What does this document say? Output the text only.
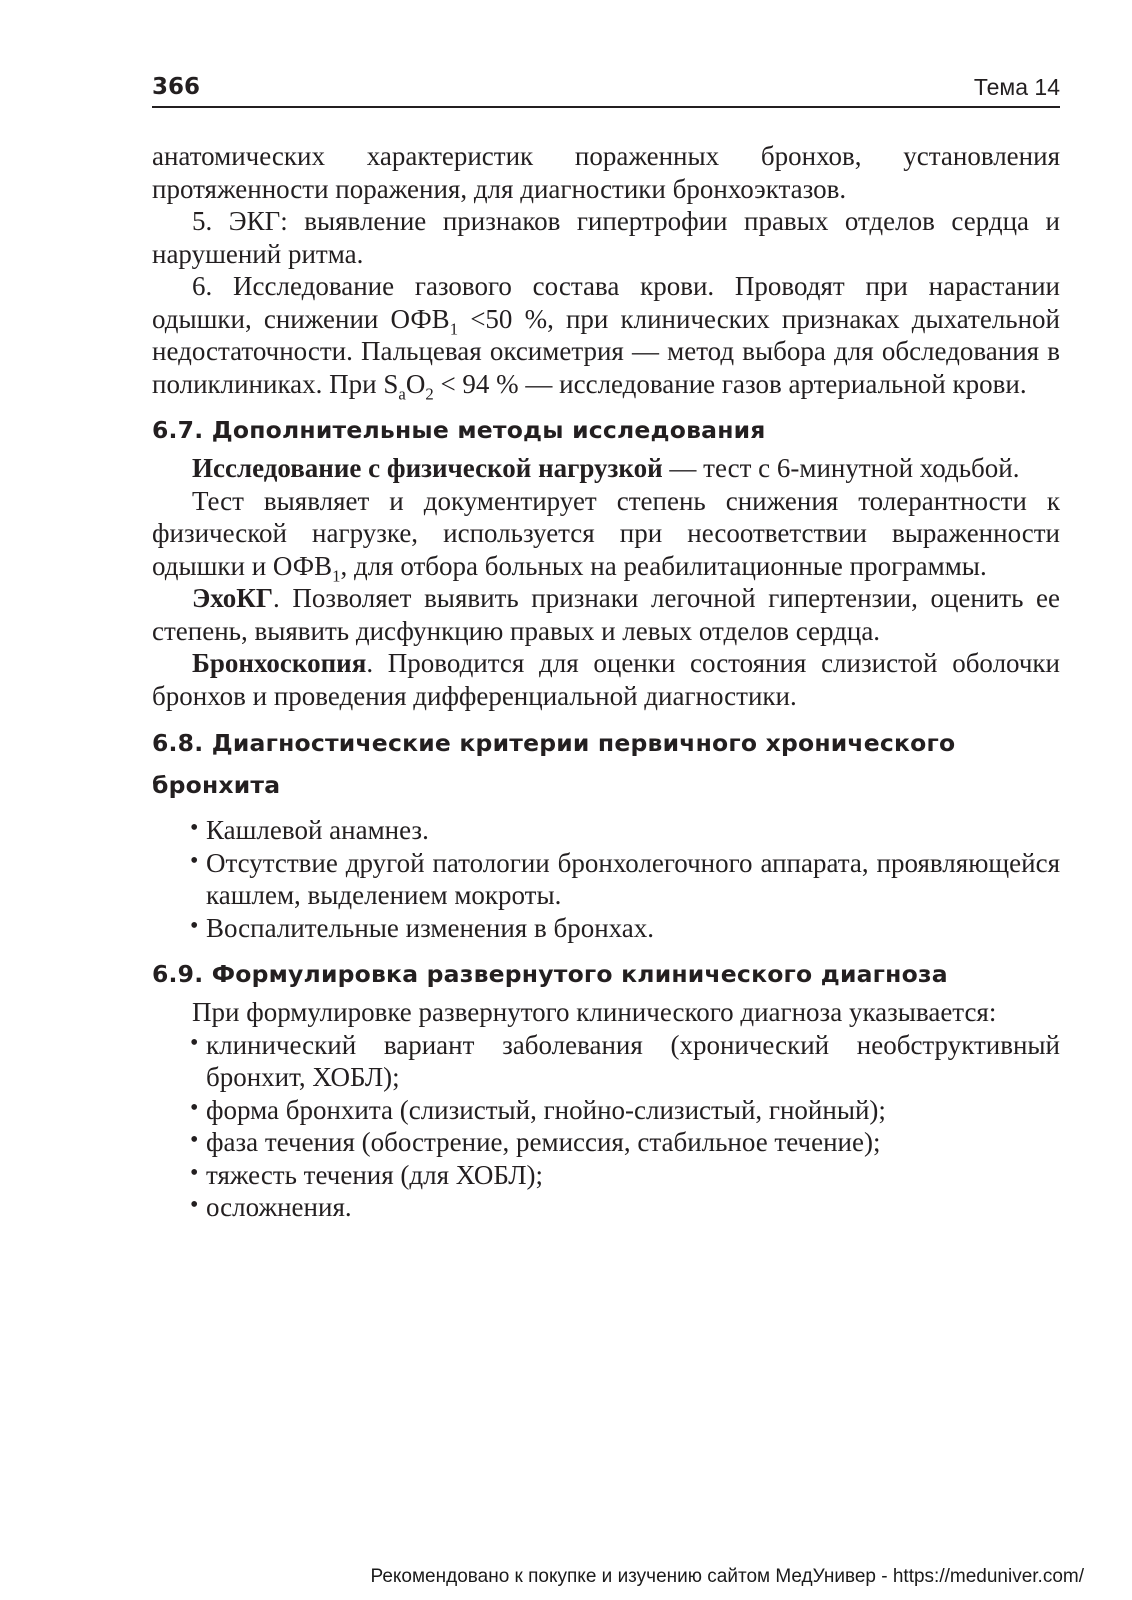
366	Тема 14

анатомических характеристик пораженных бронхов, установления протяженности поражения, для диагностики бронхоэктазов.

5. ЭКГ: выявление признаков гипертрофии правых отделов сердца и нарушений ритма.

6. Исследование газового состава крови. Проводят при нарастании одышки, снижении $ОФВ_1 <50$ %, при клинических признаках дыхательной недостаточности. Пальцевая оксиметрия — метод выбора для обследования в поликлиниках. При $S_aO_2 < 94$ % — исследование газов артериальной крови.

6.7. Дополнительные методы исследования

Исследование с физической нагрузкой — тест с 6-минутной ходьбой.

Тест выявляет и документирует степень снижения толерантности к физической нагрузке, используется при несоответствии выраженности одышки и $ОФВ_1$, для отбора больных на реабилитационные программы.

ЭхоКГ. Позволяет выявить признаки легочной гипертензии, оценить ее степень, выявить дисфункцию правых и левых отделов сердца.

Бронхоскопия. Проводится для оценки состояния слизистой оболочки бронхов и проведения дифференциальной диагностики.

6.8. Диагностические критерии первичного хронического бронхита
• Кашлевой анамнез.
• Отсутствие другой патологии бронхолегочного аппарата, проявляющейся кашлем, выделением мокроты.
• Воспалительные изменения в бронхах.
6.9. Формулировка развернутого клинического диагноза

При формулировке развернутого клинического диагноза указывается:

• клинический вариант заболевания (хронический необструктивный бронхит, ХОБЛ);
• форма бронхита (слизистый, гнойно-слизистый, гнойный);
• фаза течения (обострение, ремиссия, стабильное течение);
• тяжесть течения (для ХОБЛ);
• осложнения.
Рекомендовано к покупке и изучению сайтом МедУнивер - https://meduniver.com/
